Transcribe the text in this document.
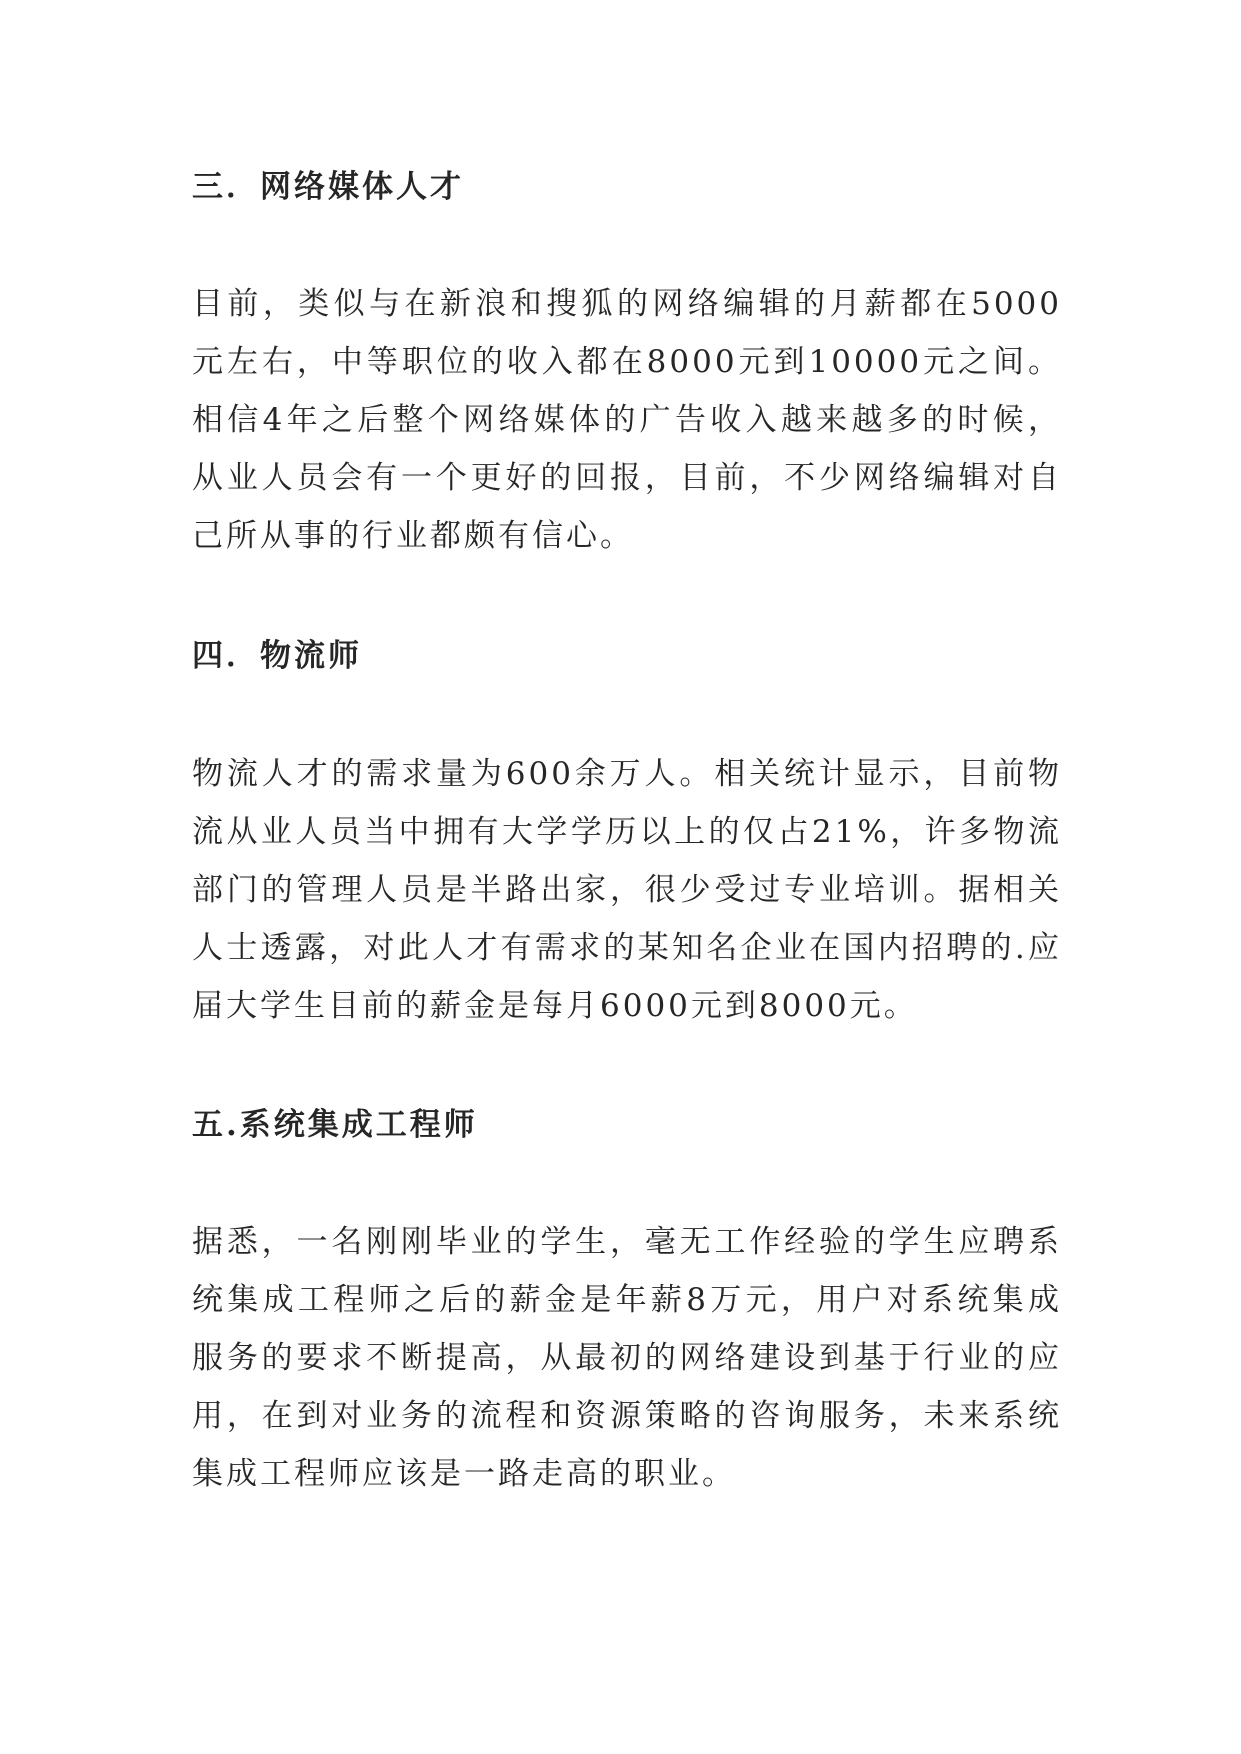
三．网络媒体人才

目前，类似与在新浪和搜狐的网络编辑的月薪都在5000元左右，中等职位的收入都在8000元到10000元之间。相信4年之后整个网络媒体的广告收入越来越多的时候，从业人员会有一个更好的回报，目前，不少网络编辑对自己所从事的行业都颇有信心。

四．物流师

物流人才的需求量为600余万人。相关统计显示，目前物流从业人员当中拥有大学学历以上的仅占21%，许多物流部门的管理人员是半路出家，很少受过专业培训。据相关人士透露，对此人才有需求的某知名企业在国内招聘的.应届大学生目前的薪金是每月6000元到8000元。

五.系统集成工程师

据悉，一名刚刚毕业的学生，毫无工作经验的学生应聘系统集成工程师之后的薪金是年薪8万元，用户对系统集成服务的要求不断提高，从最初的网络建设到基于行业的应用，在到对业务的流程和资源策略的咨询服务，未来系统集成工程师应该是一路走高的职业。
